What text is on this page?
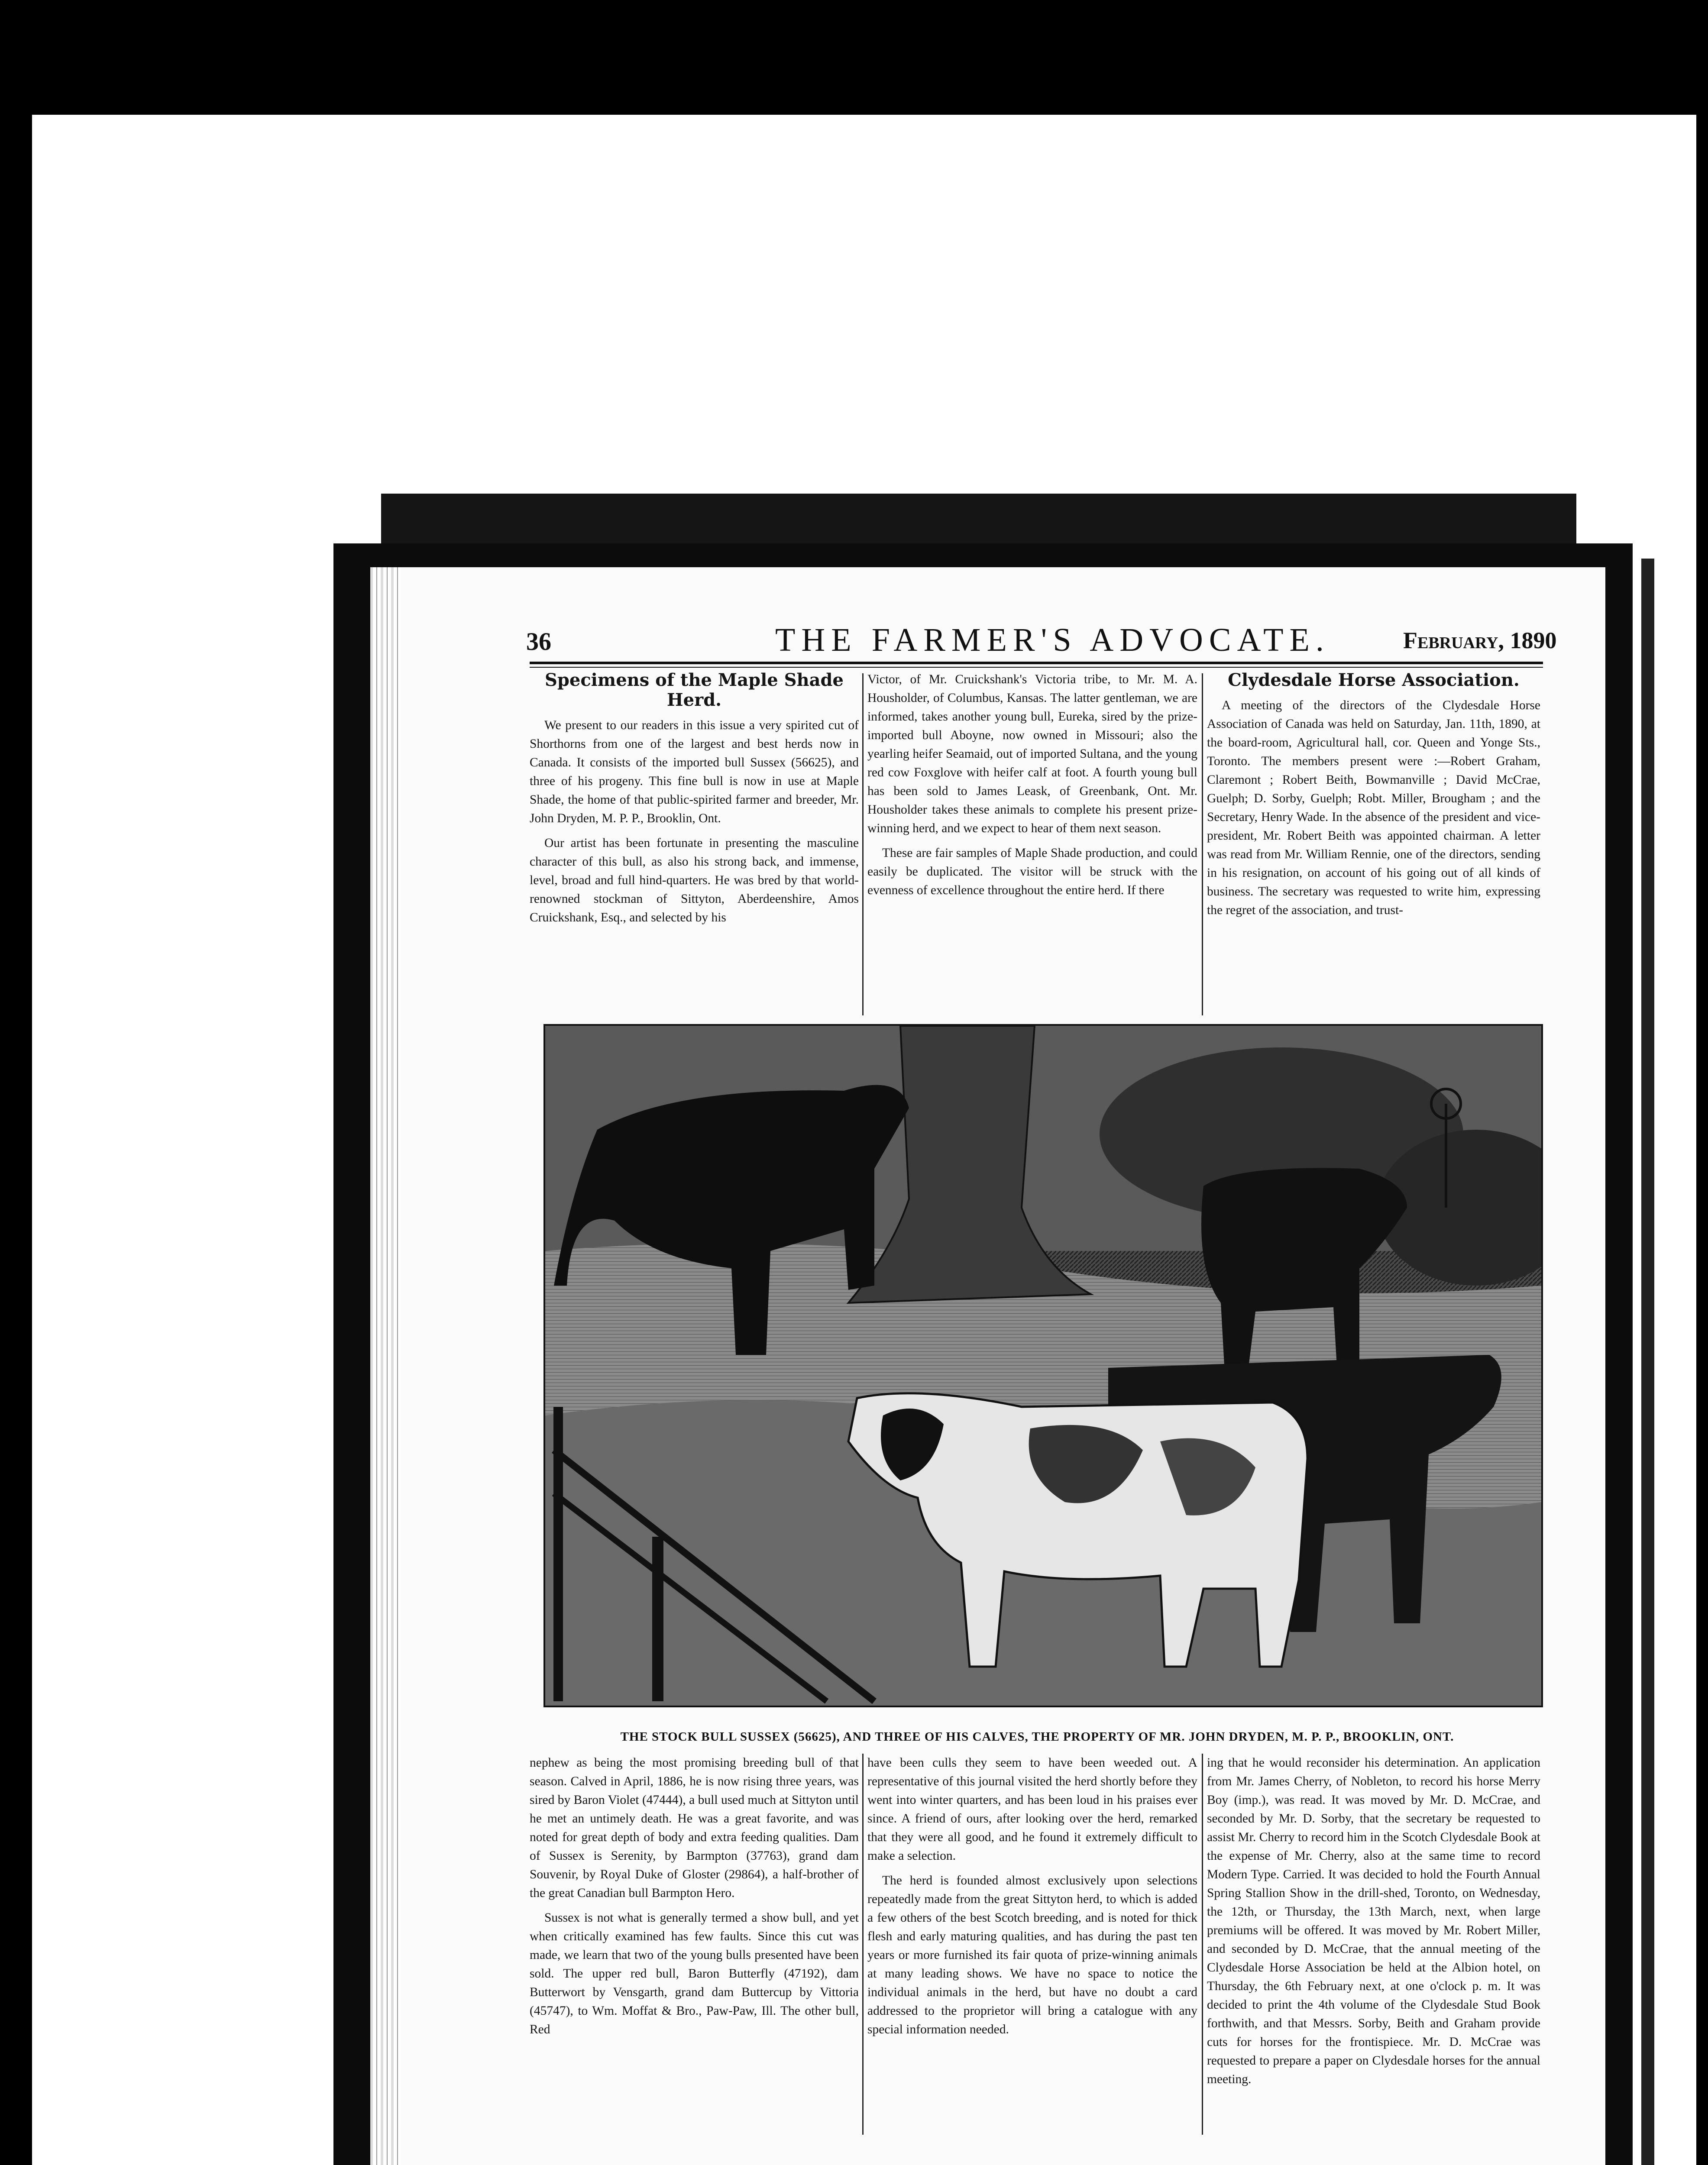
36	THE FARMER'S ADVOCATE.	February, 1890
Specimens of the Maple Shade Herd.

We present to our readers in this issue a very spirited cut of Shorthorns from one of the largest and best herds now in Canada. It consists of the imported bull Sussex (56625), and three of his progeny. This fine bull is now in use at Maple Shade, the home of that public-spirited farmer and breeder, Mr. John Dryden, M. P. P., Brooklin, Ont.

Our artist has been fortunate in presenting the masculine character of this bull, as also his strong back, and immense, level, broad and full hind-quarters. He was bred by that world-renowned stockman of Sittyton, Aberdeenshire, Amos Cruickshank, Esq., and selected by his

Victor, of Mr. Cruickshank's Victoria tribe, to Mr. M. A. Housholder, of Columbus, Kansas. The latter gentleman, we are informed, takes another young bull, Eureka, sired by the prize-imported bull Aboyne, now owned in Missouri; also the yearling heifer Seamaid, out of imported Sultana, and the young red cow Foxglove with heifer calf at foot. A fourth young bull has been sold to James Leask, of Greenbank, Ont. Mr. Housholder takes these animals to complete his present prize-winning herd, and we expect to hear of them next season.

These are fair samples of Maple Shade production, and could easily be duplicated. The visitor will be struck with the evenness of excellence throughout the entire herd. If there

Clydesdale Horse Association.

A meeting of the directors of the Clydesdale Horse Association of Canada was held on Saturday, Jan. 11th, 1890, at the board-room, Agricultural hall, cor. Queen and Yonge Sts., Toronto. The members present were :—Robert Graham, Claremont ; Robert Beith, Bowmanville ; David McCrae, Guelph; D. Sorby, Guelph; Robt. Miller, Brougham ; and the Secretary, Henry Wade. In the absence of the president and vice-president, Mr. Robert Beith was appointed chairman. A letter was read from Mr. William Rennie, one of the directors, sending in his resignation, on account of his going out of all kinds of business. The secretary was requested to write him, expressing the regret of the association, and trust-

THE STOCK BULL SUSSEX (56625), AND THREE OF HIS CALVES, THE PROPERTY OF MR. JOHN DRYDEN, M. P. P., BROOKLIN, ONT.

nephew as being the most promising breeding bull of that season. Calved in April, 1886, he is now rising three years, was sired by Baron Violet (47444), a bull used much at Sittyton until he met an untimely death. He was a great favorite, and was noted for great depth of body and extra feeding qualities. Dam of Sussex is Serenity, by Barmpton (37763), grand dam Souvenir, by Royal Duke of Gloster (29864), a half-brother of the great Canadian bull Barmpton Hero.

Sussex is not what is generally termed a show bull, and yet when critically examined has few faults. Since this cut was made, we learn that two of the young bulls presented have been sold. The upper red bull, Baron Butterfly (47192), dam Butterwort by Vensgarth, grand dam Buttercup by Vittoria (45747), to Wm. Moffat & Bro., Paw-Paw, Ill. The other bull, Red

have been culls they seem to have been weeded out. A representative of this journal visited the herd shortly before they went into winter quarters, and has been loud in his praises ever since. A friend of ours, after looking over the herd, remarked that they were all good, and he found it extremely difficult to make a selection.

The herd is founded almost exclusively upon selections repeatedly made from the great Sittyton herd, to which is added a few others of the best Scotch breeding, and is noted for thick flesh and early maturing qualities, and has during the past ten years or more furnished its fair quota of prize-winning animals at many leading shows. We have no space to notice the individual animals in the herd, but have no doubt a card addressed to the proprietor will bring a catalogue with any special information needed.

ing that he would reconsider his determination. An application from Mr. James Cherry, of Nobleton, to record his horse Merry Boy (imp.), was read. It was moved by Mr. D. McCrae, and seconded by Mr. D. Sorby, that the secretary be requested to assist Mr. Cherry to record him in the Scotch Clydesdale Book at the expense of Mr. Cherry, also at the same time to record Modern Type. Carried. It was decided to hold the Fourth Annual Spring Stallion Show in the drill-shed, Toronto, on Wednesday, the 12th, or Thursday, the 13th March, next, when large premiums will be offered. It was moved by Mr. Robert Miller, and seconded by D. McCrae, that the annual meeting of the Clydesdale Horse Association be held at the Albion hotel, on Thursday, the 6th February next, at one o'clock p. m. It was decided to print the 4th volume of the Clydesdale Stud Book forthwith, and that Messrs. Sorby, Beith and Graham provide cuts for horses for the frontispiece. Mr. D. McCrae was requested to prepare a paper on Clydesdale horses for the annual meeting.
